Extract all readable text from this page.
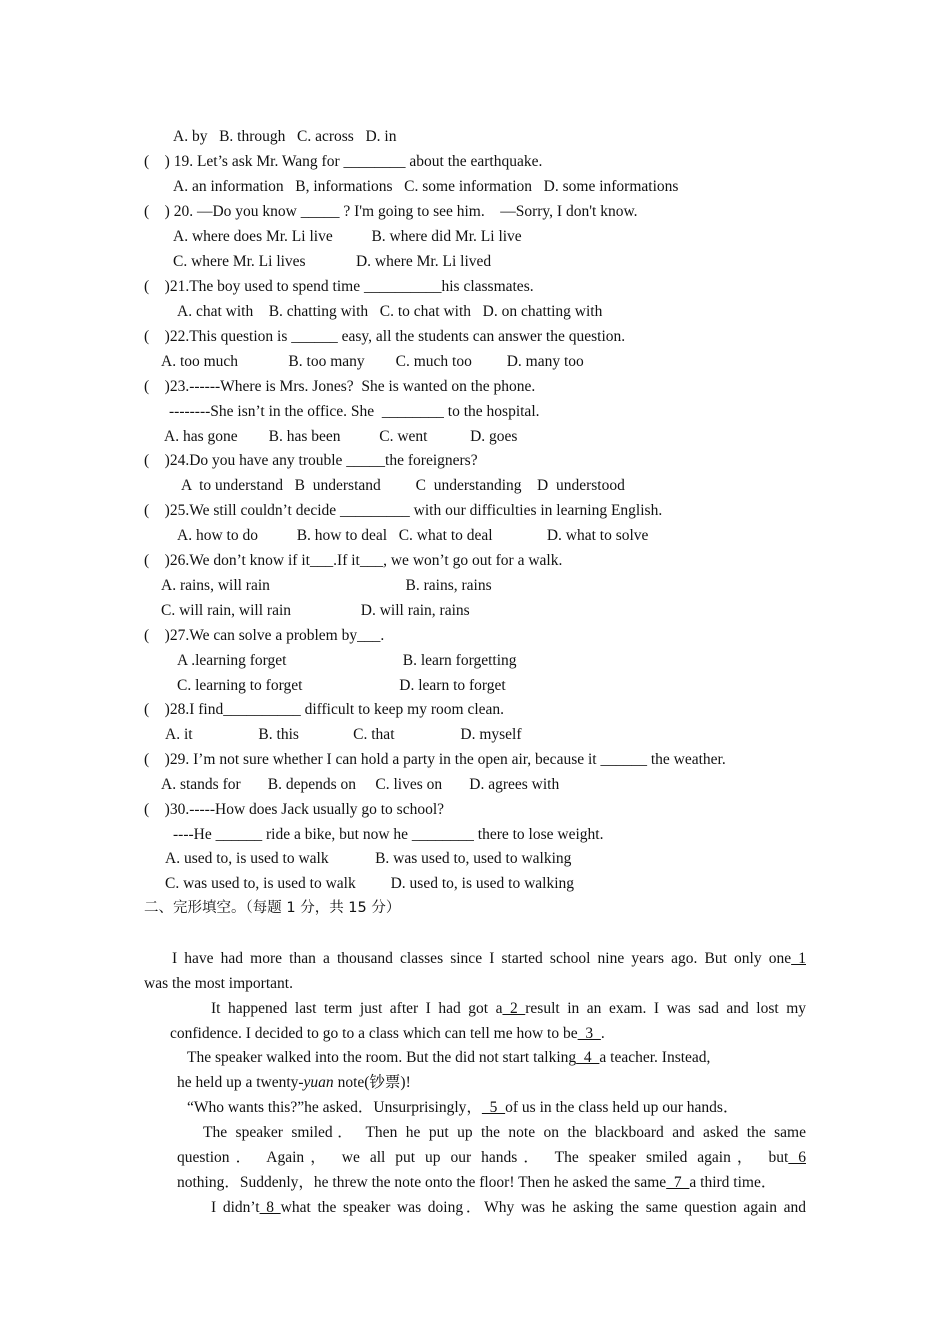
A. by   B. through   C. across   D. in
(    ) 19. Let’s ask Mr. Wang for ________ about the earthquake.
A. an information   B, informations   C. some information   D. some informations
(    ) 20. —Do you know _____ ? I'm going to see him.    —Sorry, I don't know.
A. where does Mr. Li live          B. where did Mr. Li live
C. where Mr. Li lives             D. where Mr. Li lived
(    )21.The boy used to spend time __________his classmates.
A. chat with    B. chatting with   C. to chat with   D. on chatting with
(    )22.This question is ______ easy, all the students can answer the question.
A. too much             B. too many        C. much too         D. many too
(    )23.------Where is Mrs. Jones?  She is wanted on the phone.
--------She isn’t in the office. She  ________ to the hospital.
A. has gone        B. has been          C. went           D. goes
(    )24.Do you have any trouble _____the foreigners?
A  to understand   B  understand         C  understanding    D  understood
(    )25.We still couldn’t decide _________ with our difficulties in learning English.
A. how to do          B. how to deal   C. what to deal              D. what to solve
(    )26.We don’t know if it___.If it___, we won’t go out for a walk.
A. rains, will rain                                   B. rains, rains
C. will rain, will rain                  D. will rain, rains
(    )27.We can solve a problem by___.
A .learning forget                              B. learn forgetting
C. learning to forget                         D. learn to forget
(    )28.I find__________ difficult to keep my room clean.
A. it                 B. this              C. that                 D. myself
(    )29. I’m not sure whether I can hold a party in the open air, because it ______ the weather.
A. stands for       B. depends on     C. lives on       D. agrees with
(    )30.-----How does Jack usually go to school?
----He ______ ride a bike, but now he ________ there to lose weight.
A. used to, is used to walk            B. was used to, used to walking
C. was used to, is used to walk         D. used to, is used to walking
二、完形填空。（每题 1 分，共 15 分）
I have had more than a thousand classes since I started school nine years ago. But only one 1
was the most important.
It happened last term just after I had got a 2 result in an exam. I was sad and lost my
confidence. I decided to go to a class which can tell me how to be  3  .
The speaker walked into the room. But the did not start talking  4  a teacher. Instead,
he held up a twenty-yuan note(钞票)!
“Who wants this?”he asked．Unsurprisingly，  5  of us in the class held up our hands．
The speaker smiled． Then he put up the note on the blackboard and asked the same
question． Again， we all put up our hands． The speaker smiled again， but 6
nothing．Suddenly，he threw the note onto the floor! Then he asked the same  7  a third time．
I didn’t 8 what the speaker was doing．Why was he asking the same question again and
